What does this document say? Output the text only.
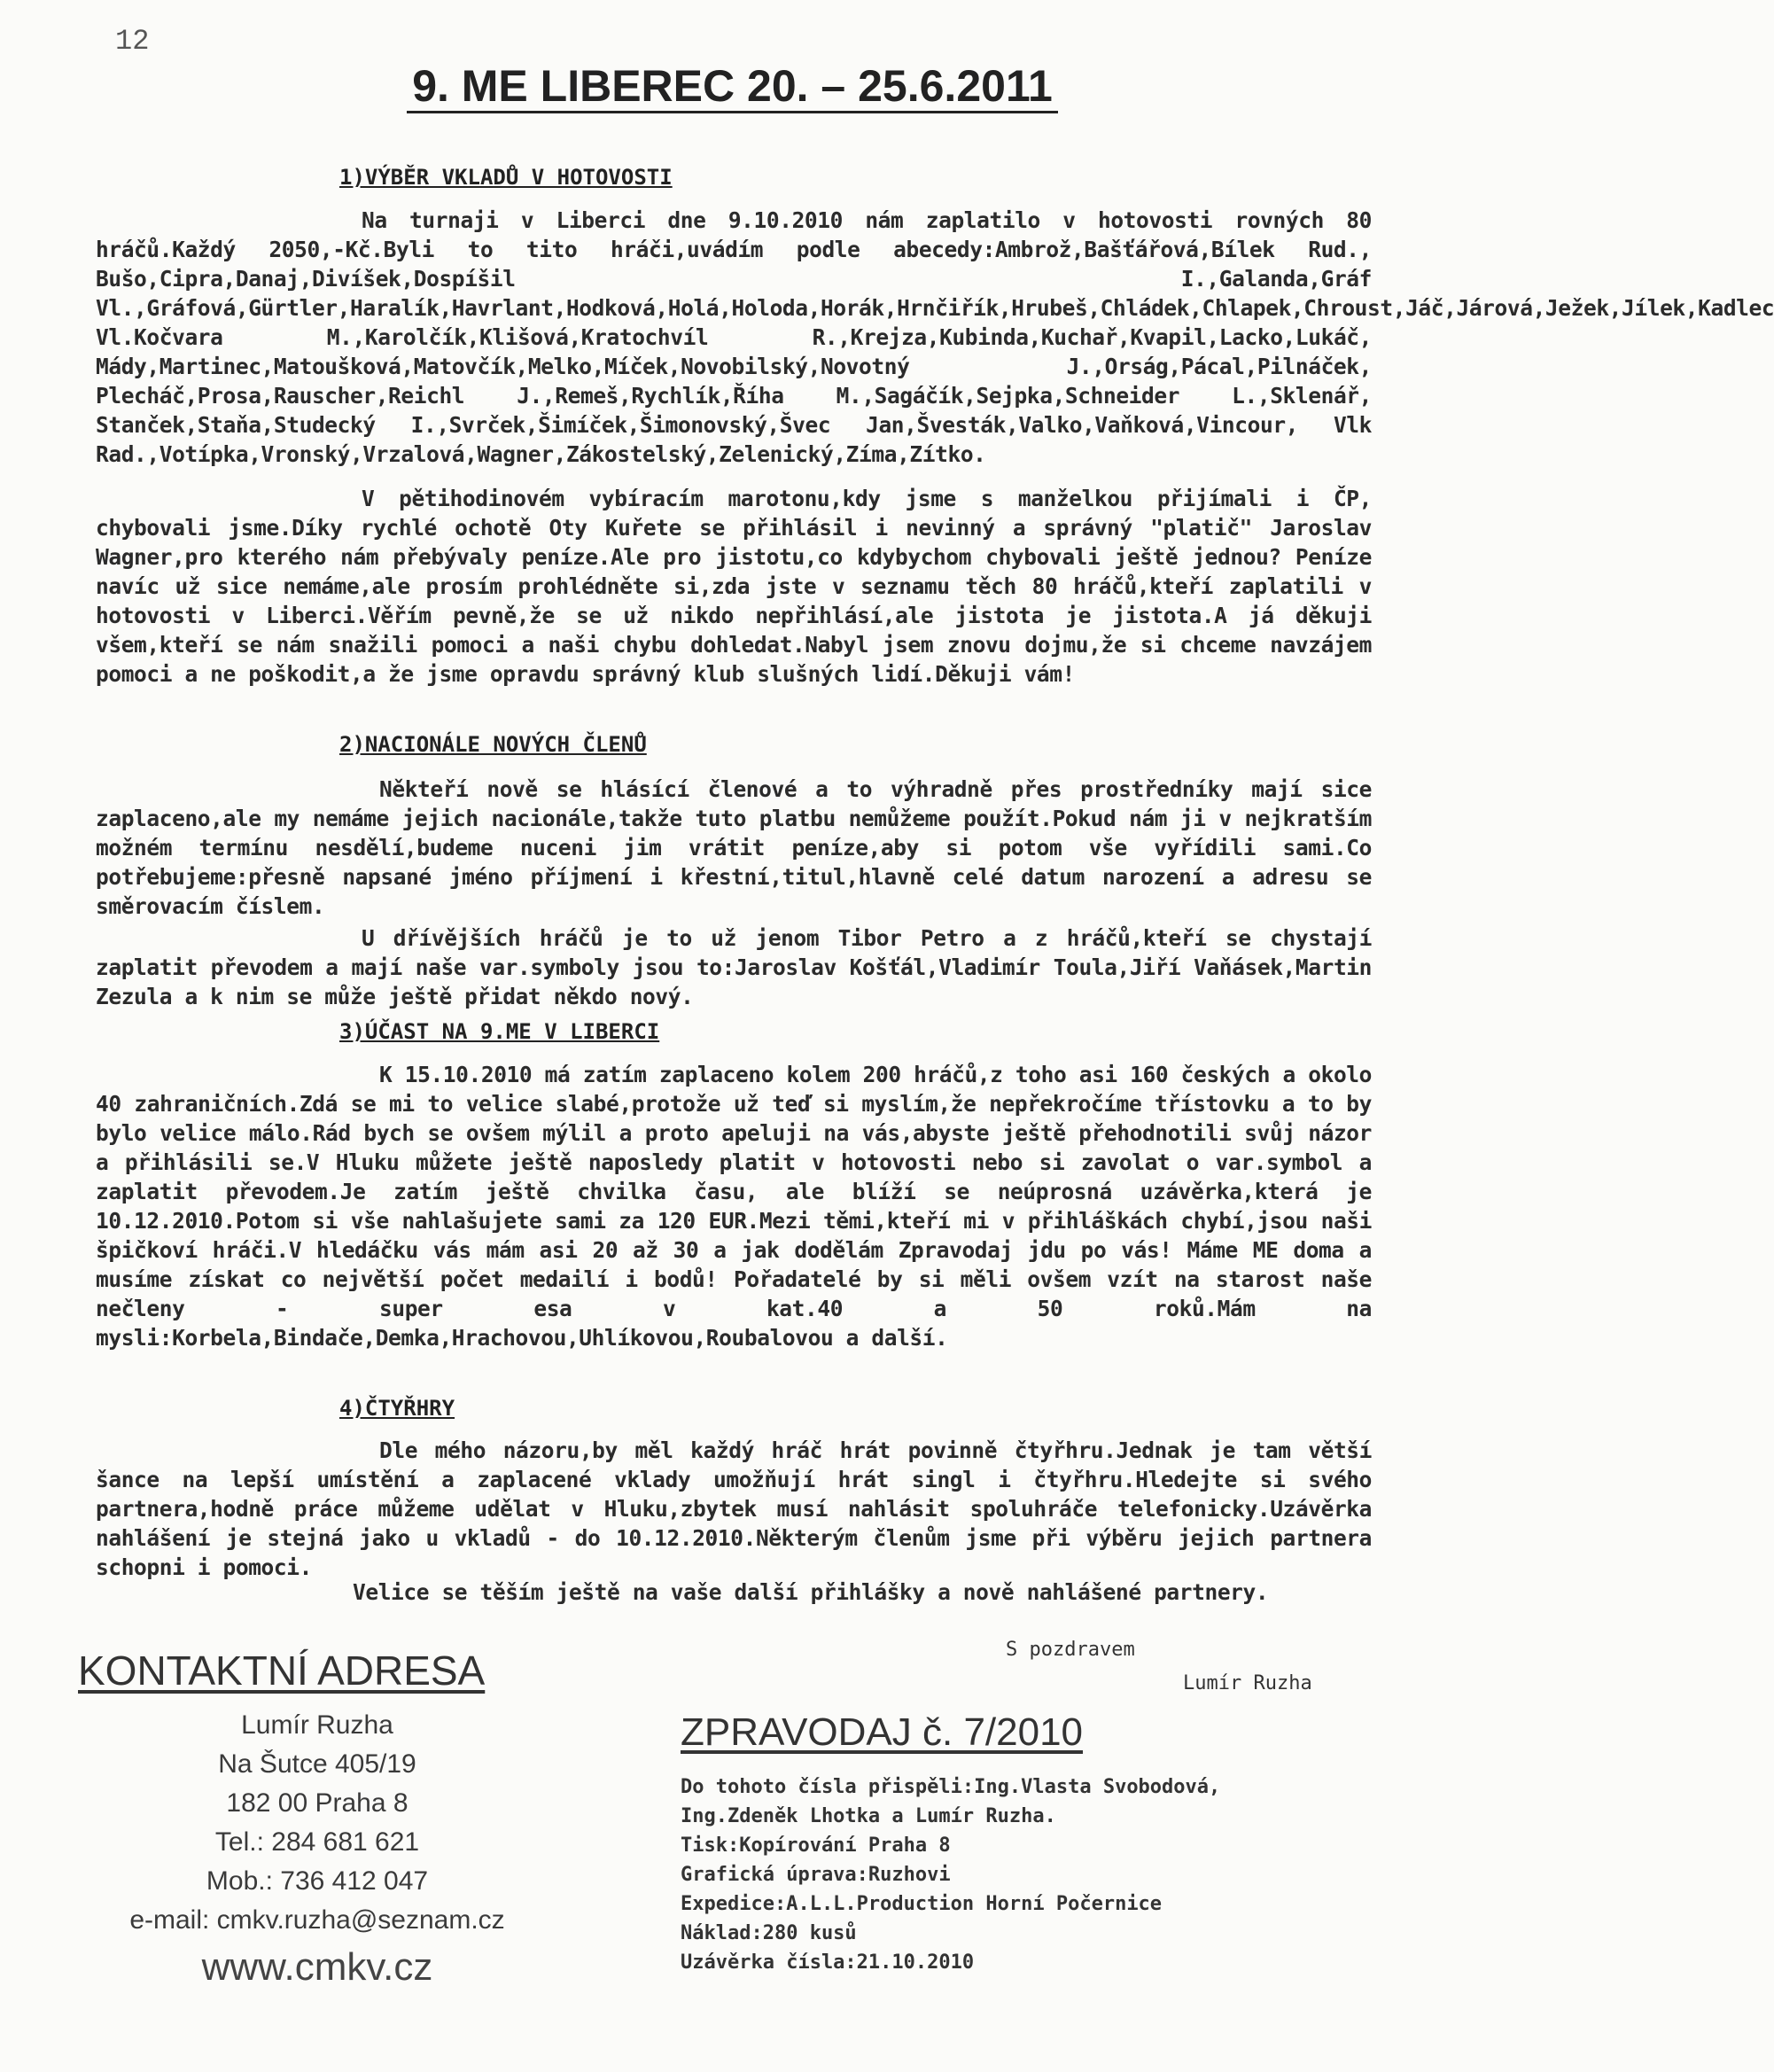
12
9. ME LIBEREC 20. – 25.6.2011
1)VÝBĚR VKLADŮ V HOTOVOSTI
Na turnaji v Liberci dne 9.10.2010 nám zaplatilo v hotovosti rovných 80 hráčů.Každý 2050,-Kč.Byli to tito hráči,uvádím podle abecedy:Ambrož,Bašťářová,Bílek Rud., Bušo,Cipra,Danaj,Divíšek,Dospíšil I.,Galanda,Gráf Vl.,Gráfová,Gürtler,Haralík,Havrlant,Hodková,Holá,Holoda,Horák,Hrnčiřík,Hrubeš,Chládek,Chlapek,Chroust,Jáč,Járová,Ježek,Jílek,Kadlec Vl.Kočvara M.,Karolčík,Klišová,Kratochvíl R.,Krejza,Kubinda,Kuchař,Kvapil,Lacko,Lukáč, Mády,Martinec,Matoušková,Matovčík,Melko,Míček,Novobilský,Novotný J.,Orság,Pácal,Pilnáček, Plecháč,Prosa,Rauscher,Reichl J.,Remeš,Rychlík,Říha M.,Sagáčík,Sejpka,Schneider L.,Sklenář, Stanček,Staňa,Studecký I.,Svrček,Šimíček,Šimonovský,Švec Jan,Švesták,Valko,Vaňková,Vincour, Vlk Rad.,Votípka,Vronský,Vrzalová,Wagner,Zákostelský,Zelenický,Zíma,Zítko.
V pětihodinovém vybíracím marotonu,kdy jsme s manželkou přijímali i ČP, chybovali jsme.Díky rychlé ochotě Oty Kuřete se přihlásil i nevinný a správný "platič" Jaroslav Wagner,pro kterého nám přebývaly peníze.Ale pro jistotu,co kdybychom chybovali ještě jednou? Peníze navíc už sice nemáme,ale prosím prohlédněte si,zda jste v seznamu těch 80 hráčů,kteří zaplatili v hotovosti v Liberci.Věřím pevně,že se už nikdo nepřihlásí,ale jistota je jistota.A já děkuji všem,kteří se nám snažili pomoci a naši chybu dohledat.Nabyl jsem znovu dojmu,že si chceme navzájem pomoci a ne poškodit,a že jsme opravdu správný klub slušných lidí.Děkuji vám!
2)NACIONÁLE NOVÝCH ČLENŮ
Někteří nově se hlásící členové a to výhradně přes prostředníky mají sice zaplaceno,ale my nemáme jejich nacionále,takže tuto platbu nemůžeme použít.Pokud nám ji v nejkratším možném termínu nesdělí,budeme nuceni jim vrátit peníze,aby si potom vše vyřídili sami.Co potřebujeme:přesně napsané jméno příjmení i křestní,titul,hlavně celé datum narození a adresu se směrovacím číslem.
U dřívějších hráčů je to už jenom Tibor Petro a z hráčů,kteří se chystají zaplatit převodem a mají naše var.symboly jsou to:Jaroslav Košťál,Vladimír Toula,Jiří Vaňásek,Martin Zezula a k nim se může ještě přidat někdo nový.
3)ÚČAST NA 9.ME V LIBERCI
K 15.10.2010 má zatím zaplaceno kolem 200 hráčů,z toho asi 160 českých a okolo 40 zahraničních.Zdá se mi to velice slabé,protože už teď si myslím,že nepřekročíme třístovku a to by bylo velice málo.Rád bych se ovšem mýlil a proto apeluji na vás,abyste ještě přehodnotili svůj názor a přihlásili se.V Hluku můžete ještě naposledy platit v hotovosti nebo si zavolat o var.symbol a zaplatit převodem.Je zatím ještě chvilka času, ale blíží se neúprosná uzávěrka,která je 10.12.2010.Potom si vše nahlašujete sami za 120 EUR.Mezi těmi,kteří mi v přihláškách chybí,jsou naši špičkoví hráči.V hledáčku vás mám asi 20 až 30 a jak dodělám Zpravodaj jdu po vás! Máme ME doma a musíme získat co největší počet medailí i bodů! Pořadatelé by si měli ovšem vzít na starost naše nečleny - super esa v kat.40 a 50 roků.Mám na mysli:Korbela,Bindače,Demka,Hrachovou,Uhlíkovou,Roubalovou a další.
4)ČTYŘHRY
Dle mého názoru,by měl každý hráč hrát povinně čtyřhru.Jednak je tam větší šance na lepší umístění a zaplacené vklady umožňují hrát singl i čtyřhru.Hledejte si svého partnera,hodně práce můžeme udělat v Hluku,zbytek musí nahlásit spoluhráče telefonicky.Uzávěrka nahlášení je stejná jako u vkladů - do 10.12.2010.Některým členům jsme při výběru jejich partnera schopni i pomoci.
Velice se těším ještě na vaše další přihlášky a nově nahlášené partnery.
KONTAKTNÍ ADRESA
Lumír Ruzha
Na Šutce 405/19
182 00 Praha 8
Tel.: 284 681 621
Mob.: 736 412 047
e-mail: cmkv.ruzha@seznam.cz
www.cmkv.cz
S pozdravem
Lumír Ruzha
ZPRAVODAJ č. 7/2010
Do tohoto čísla přispěli:Ing.Vlasta Svobodová,
Ing.Zdeněk Lhotka a Lumír Ruzha.
Tisk:Kopírování Praha 8
Grafická úprava:Ruzhovi
Expedice:A.L.L.Production Horní Počernice
Náklad:280 kusů
Uzávěrka čísla:21.10.2010
